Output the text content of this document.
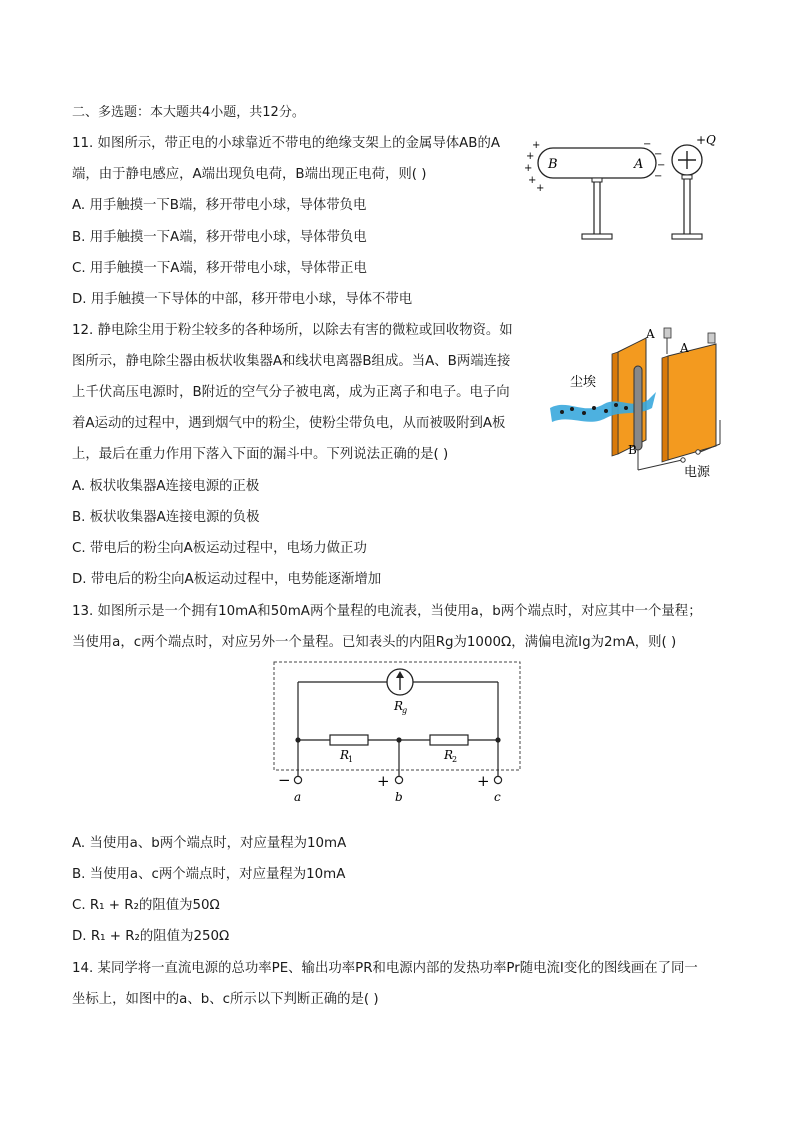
二、多选题：本大题共4小题，共12分。
11. 如图所示，带正电的小球靠近不带电的绝缘支架上的金属导体AB的A
端，由于静电感应，A端出现负电荷，B端出现正电荷，则( )
A. 用手触摸一下B端，移开带电小球，导体带负电
B. 用手触摸一下A端，移开带电小球，导体带负电
C. 用手触摸一下A端，移开带电小球，导体带正电
D. 用手触摸一下导体的中部，移开带电小球，导体不带电
B	A
+
+
+
+
+
−
−
−
−
+Q
12. 静电除尘用于粉尘较多的各种场所，以除去有害的微粒或回收物资。如
图所示，静电除尘器由板状收集器A和线状电离器B组成。当A、B两端连接
上千伏高压电源时，B附近的空气分子被电离，成为正离子和电子。电子向
着A运动的过程中，遇到烟气中的粉尘，使粉尘带负电，从而被吸附到A板
上，最后在重力作用下落入下面的漏斗中。下列说法正确的是( )
A. 板状收集器A连接电源的正极
B. 板状收集器A连接电源的负极
C. 带电后的粉尘向A板运动过程中，电场力做正功
D. 带电后的粉尘向A板运动过程中，电势能逐渐增加
A
A
尘埃
B
电源
13. 如图所示是一个拥有10mA和50mA两个量程的电流表，当使用a，b两个端点时，对应其中一个量程；
当使用a，c两个端点时，对应另外一个量程。已知表头的内阻Rg为1000Ω，满偏电流Ig为2mA，则( )
R
g
R
1	R
2
−	+	+
a	b	c
A. 当使用a、b两个端点时，对应量程为10mA
B. 当使用a、c两个端点时，对应量程为10mA
C. R₁ + R₂的阻值为50Ω
D. R₁ + R₂的阻值为250Ω
14. 某同学将一直流电源的总功率PE、输出功率PR和电源内部的发热功率Pr随电流I变化的图线画在了同一
坐标上，如图中的a、b、c所示以下判断正确的是( )
